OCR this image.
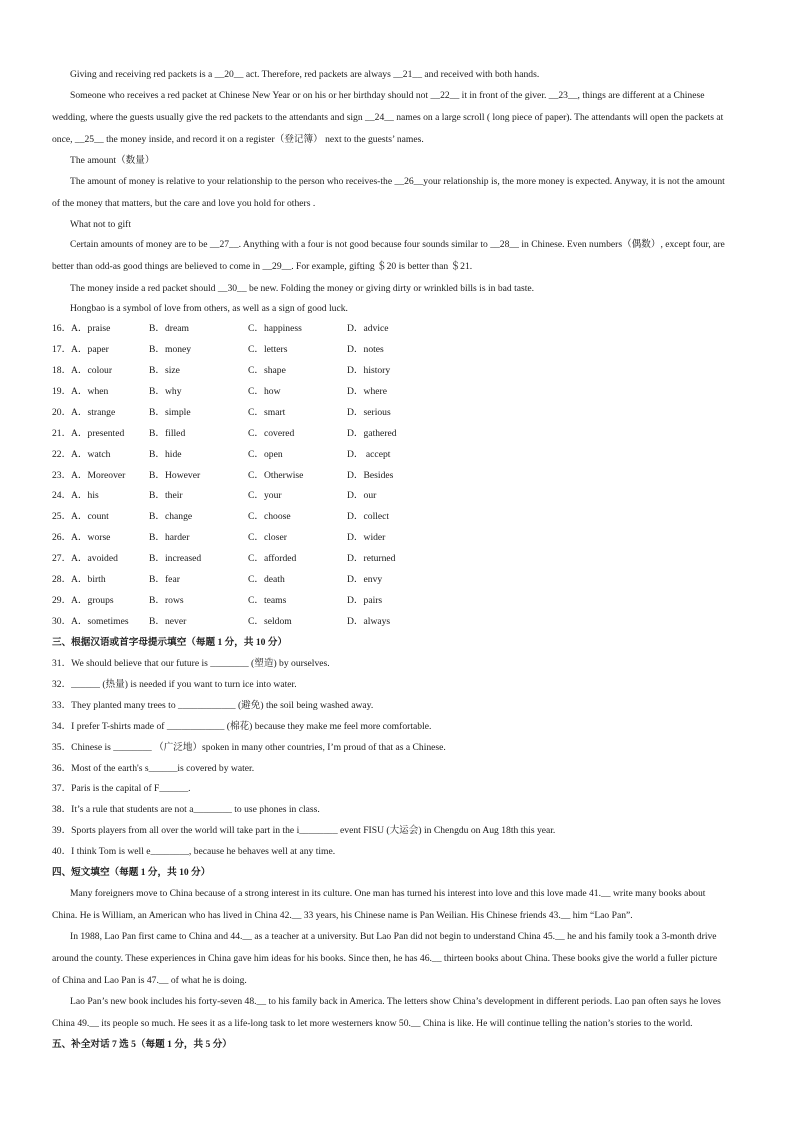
Giving and receiving red packets is a __20__ act. Therefore, red packets are always __21__ and received with both hands.
Someone who receives a red packet at Chinese New Year or on his or her birthday should not __22__ it in front of the giver. __23__, things are different at a Chinese
wedding, where the guests usually give the red packets to the attendants and sign __24__ names on a large scroll ( long piece of paper). The attendants will open the packets at
once, __25__ the money inside, and record it on a register（登记簿） next to the guests’ names.
The amount（数量）
The amount of money is relative to your relationship to the person who receives-the __26__your relationship is, the more money is expected. Anyway, it is not the amount
of the money that matters, but the care and love you hold for others .
What not to gift
Certain amounts of money are to be __27__. Anything with a four is not good because four sounds similar to __28__ in Chinese. Even numbers（偶数）, except four, are
better than odd-as good things are believed to come in __29__. For example, gifting ＄20 is better than ＄21.
The money inside a red packet should __30__ be new. Folding the money or giving dirty or wrinkled bills is in bad taste.
Hongbao is a symbol of love from others, as well as a sign of good luck.
16． A．praise	B．dream	C．happiness	D．advice
17． A．paper	B．money	C．letters	D．notes
18． A．colour	B．size	C．shape	D．history
19． A．when	B．why	C．how	D．where
20． A．strange	B．simple	C．smart	D．serious
21． A．presented	B．filled	C．covered	D．gathered
22． A．watch	B．hide	C．open	D． accept
23． A．Moreover B．However	C．Otherwise	D．Besides
24． A．his	B．their	C．your	D．our
25． A．count	B．change	C．choose	D．collect
26． A．worse	B．harder	C．closer	D．wider
27． A．avoided	B．increased	C．afforded	D．returned
28． A．birth	B．fear	C．death	D．envy
29． A．groups	B．rows	C．teams	D．pairs
30． A．sometimes B．never	C．seldom	D．always
三、根据汉语或首字母提示填空（每题 1 分，共 10 分）
31．We should believe that our future is ________ (塑造) by ourselves.
32．______ (热量) is needed if you want to turn ice into water.
33．They planted many trees to ____________ (避免) the soil being washed away.
34．I prefer T-shirts made of ____________ (棉花) because they make me feel more comfortable.
35．Chinese is ________ （广泛地）spoken in many other countries, I’m proud of that as a Chinese.
36．Most of the earth's s______is covered by water.
37．Paris is the capital of F______.
38．It’s a rule that students are not a________ to use phones in class.
39．Sports players from all over the world will take part in the i________ event FISU (大运会) in Chengdu on Aug 18th this year.
40．I think Tom is well e________, because he behaves well at any time.
四、短文填空（每题 1 分，共 10 分）
Many foreigners move to China because of a strong interest in its culture. One man has turned his interest into love and this love made 41.__ write many books about
China. He is William, an American who has lived in China 42.__ 33 years, his Chinese name is Pan Weilian. His Chinese friends 43.__ him “Lao Pan”.
In 1988, Lao Pan first came to China and 44.__ as a teacher at a university. But Lao Pan did not begin to understand China 45.__ he and his family took a 3-month drive
around the county. These experiences in China gave him ideas for his books. Since then, he has 46.__ thirteen books about China. These books give the world a fuller picture
of China and Lao Pan is 47.__ of what he is doing.
Lao Pan’s new book includes his forty-seven 48.__ to his family back in America. The letters show China’s development in different periods. Lao pan often says he loves
China 49.__ its people so much. He sees it as a life-long task to let more westerners know 50.__ China is like. He will continue telling the nation’s stories to the world.
五、补全对话 7 选 5（每题 1 分，共 5 分）
